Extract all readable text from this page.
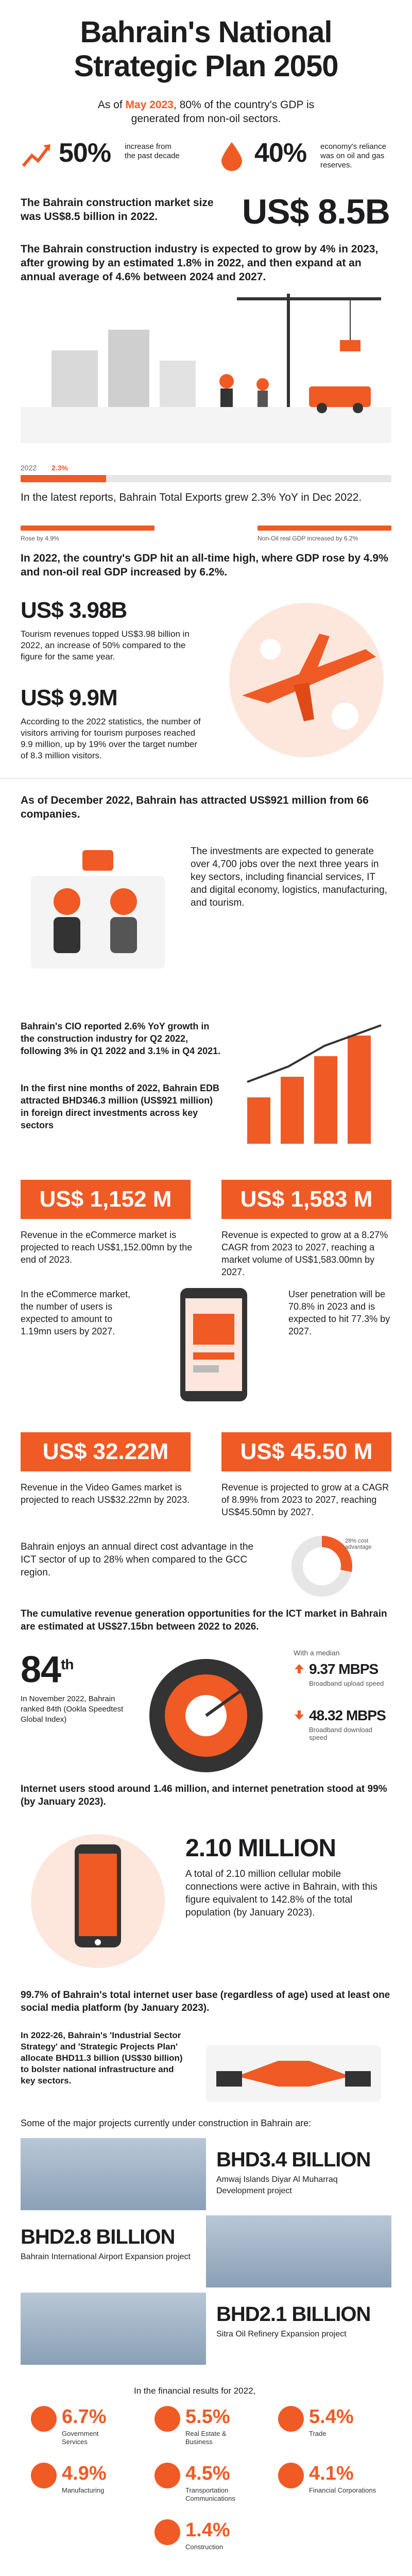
Bahrain's National
Strategic Plan 2050
As of May 2023, 80% of the country's GDP is generated from non-oil sectors.
50% increase from the past decade	40% economy's reliance was on oil and gas reserves.
The Bahrain construction market size was US$8.5 billion in 2022.	US$ 8.5B
The Bahrain construction industry is expected to grow by 4% in 2023, after growing by an estimated 1.8% in 2022, and then expand at an annual average of 4.6% between 2024 and 2027.
2022 2.3%
In the latest reports, Bahrain Total Exports grew 2.3% YoY in Dec 2022.
Rose by 4.9%	Non-Oil real GDP increased by 6.2%
In 2022, the country's GDP hit an all-time high, where GDP rose by 4.9% and non-oil real GDP increased by 6.2%.
US$ 3.98B
Tourism revenues topped US$3.98 billion in 2022, an increase of 50% compared to the figure for the same year.
US$ 9.9M
According to the 2022 statistics, the number of visitors arriving for tourism purposes reached 9.9 million, up by 19% over the target number of 8.3 million visitors.
As of December 2022, Bahrain has attracted US$921 million from 66 companies.
The investments are expected to generate over 4,700 jobs over the next three years in key sectors, including financial services, IT and digital economy, logistics, manufacturing, and tourism.
Bahrain's CIO reported 2.6% YoY growth in the construction industry for Q2 2022, following 3% in Q1 2022 and 3.1% in Q4 2021.
In the first nine months of 2022, Bahrain EDB attracted BHD346.3 million (US$921 million) in foreign direct investments across key sectors
US$ 1,152 M	US$ 1,583 M
Revenue in the eCommerce market is projected to reach US$1,152.00mn by the end of 2023.
Revenue is expected to grow at a 8.27% CAGR from 2023 to 2027, reaching a market volume of US$1,583.00mn by 2027.
In the eCommerce market, the number of users is expected to amount to 1.19mn users by 2027.
User penetration will be 70.8% in 2023 and is expected to hit 77.3% by 2027.
US$ 32.22M	US$ 45.50 M
Revenue in the Video Games market is projected to reach US$32.22mn by 2023.
Revenue is projected to grow at a CAGR of 8.99% from 2023 to 2027, reaching US$45.50mn by 2027.
Bahrain enjoys an annual direct cost advantage in the ICT sector of up to 28% when compared to the GCC region.
28% cost advantage
The cumulative revenue generation opportunities for the ICT market in Bahrain are estimated at US$27.15bn between 2022 to 2026.
84th
In November 2022, Bahrain ranked 84th (Ookla Speedtest Global Index)
With a median
9.37 MBPS
Broadband upload speed
48.32 MBPS
Broadband download speed
Internet users stood around 1.46 million, and internet penetration stood at 99% (by January 2023).
2.10 MILLION
A total of 2.10 million cellular mobile connections were active in Bahrain, with this figure equivalent to 142.8% of the total population (by January 2023).
99.7% of Bahrain's total internet user base (regardless of age) used at least one social media platform (by January 2023).
In 2022-26, Bahrain's 'Industrial Sector Strategy' and 'Strategic Projects Plan' allocate BHD11.3 billion (US$30 billion) to bolster national infrastructure and key sectors.
Some of the major projects currently under construction in Bahrain are:
BHD3.4 BILLION
Amwaj Islands Diyar Al Muharraq Development project
BHD2.8 BILLION
Bahrain International Airport Expansion project
BHD2.1 BILLION
Sitra Oil Refinery Expansion project
In the financial results for 2022,
6.7%
Government Services
5.5%
Real Estate & Business
5.4%
Trade
4.9%
Manufacturing
4.5%
Transportation Communications
4.1%
Financial Corporations
1.4%
Construction
